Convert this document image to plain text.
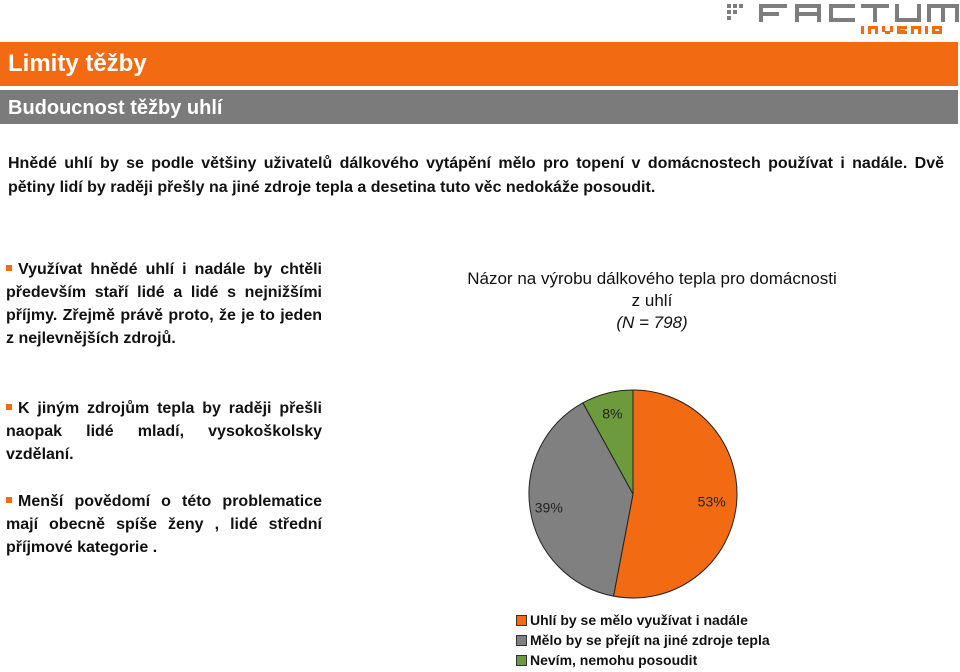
Limity těžby
Budoucnost těžby uhlí
Hnědé uhlí by se podle většiny uživatelů dálkového vytápění mělo pro topení v domácnostech používat i nadále. Dvě pětiny lidí by raději přešly na jiné zdroje tepla a desetina tuto věc nedokáže posoudit.
Využívat hnědé uhlí i nadále by chtěli především staří lidé a lidé s nejnižšími příjmy. Zřejmě právě proto, že je to jeden z nejlevnějších zdrojů.
K jiným zdrojům tepla by raději přešli naopak lidé mladí, vysokoškolsky vzdělaní.
Menší povědomí o této problematice mají obecně spíše ženy , lidé střední příjmové kategorie .
Názor na výrobu dálkového tepla pro domácnosti z uhlí
(N = 798)
53%
39%
8%
Uhlí by se mělo využívat i nadále
Mělo by se přejít na jiné zdroje tepla
Nevím, nemohu posoudit
